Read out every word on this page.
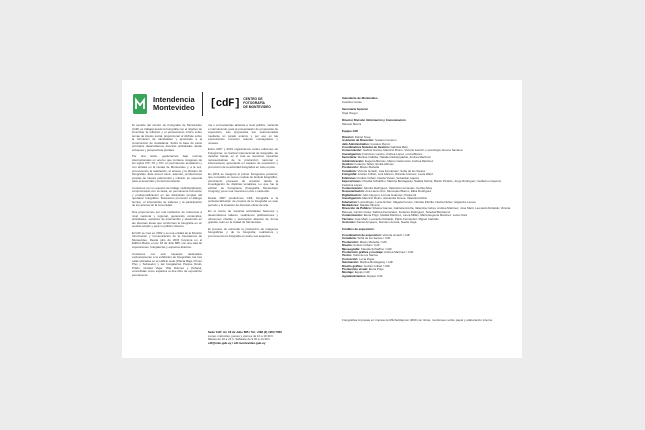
Intendencia
Montevideo [cdF] CENTRO DE
FOTOGRAFÍA
DE MONTEVIDEO

El sentido del Centro de Fotografía de Montevideo (CdF) es trabajar desde la fotografía con el objetivo de incentivar la reflexión y el pensamiento crítico sobre temas de interés social, proporcionar el disfrute sobre la formación de identidades y aportando a la construcción de ciudadanía. Sobre la base de estos principios desarrollamos diversas actividades desde enfoques y perspectivas plurales.

Por otra razón, gestionamos bajo normas internacionales un acervo que contiene imágenes de los siglos XIX, XX y XXI, en permanente ampliación y con énfasis en la ciudad de Montevideo y, a la vez, promovemos la realización, el acceso y la difusión de fotografías. Este acervo tiene, además, producciones propias de interés patrimonial y cultural, en especial para el desarrollo y la documentación.

Contamos con un espacio de trabajo multidisciplinario, comprometido con su tarea, en permanente formación y profesionalización en las disciplinas propias del quehacer fotográfico. Buscamos promover el diálogo técnico, el intercambio de saberes y la participación de los actores de la comunidad.

Nos proponemos ser una institución de referencia a nivel nacional y regional, generando contenidos, actividades, espacios de intercambio y desarrollo en las diversas áreas que conforman la fotografía en un sentido amplio y para un público diverso.

El CdF se creó en 2002 y es una unidad de la División Información y Comunicación de la Intendencia de Montevideo. Desde julio de 2015 funciona en el Edificio Bazar, en Av. 18 de Julio 885, con una sala de exposiciones, fotogalerías y espacios abiertos.

Contamos con seis espacios destinados exclusivamente a la exhibición de fotografías: las tres salas ubicadas en el edificio sede (Planta Baja, Primer Piso y Subsuelo) y las fotogalerías Parque Rodó, Prado, Ciudad Vieja, Villa Dolores y Peñarol, concebidas como espacios al aire libre de exposición permanente.

ma o convocatorias abiertas a nivel público, nacional e internacional, para la presentación de propuestas de exposición. Las propuestas son seleccionadas mediante un jurado externo y por eso en las exposiciones conviven autores consagrados y noveles.

Entre 2007 y 2019 organizamos cuatro ediciones de Fotograma, un festival internacional de fotografía, de carácter bienal, en el cual se reunieron muestras representativas de la producción nacional e internacional, generando un espacio de exposición y promoción de la actividad fotográfica en todo el país.

En 2016 se inauguró el primer Fotograma posterior, que consolidó un nuevo modelo de festival fotográfico, priorizando procesos de creación desde la investigación de distintas temáticas. Lo que fue la edición de Fotograma (Fotografía Montevideo Uruguay) ya es una muestra en dos o cada año.

Desde 2007 producimos CDF, fotografía a la profesionalización de propios de la fotografía en este período y la creación de diversas obras de arte.

En el marco de nuestras actividades hacemos y desarrollamos talleres, realizamos publicaciones y ofrecemos charlas y seminarios abiertos de forma gratuita, todo en la ciudad de Montevideo.

El proceso de estimular la producción de imágenes fotográficas y de la fotografía, realizamos y promovemos la fotografía en todos sus aspectos.

Sede CdF: Av. 18 de Julio 885 / Tel. +598 (2) 1950 7060
Lunes, miércoles, jueves y viernes de 10 a 19.30 h.
Martes de 10 a 21 h. Sábados de 9.30 a 14.30 h.
cdf@imm.gub.uy / cdf.montevideo.gub.uy
Intendente de Montevideo
Carolina Cosse
Secretaria General
Olga Otegui
Director División Información y Comunicación
Marcelo Benini
Equipo CdF

Director: Daniel Sosa

Asistente de Dirección: Susana Centeno

Jefe Administrativo: Gustavo Benzo

Coordinadora Sistema de Gestión: Gabriela Belo

Conservación: Gabriel García, Mauricio Bruno, Victoria Ivanich, Lucía Rojas Jimena Santana

Investigación: Francisco Landro, Andrea López, Lucía Blanco

Secretaría: Martina Callaba, Natalia Castaingdebat, Andrea Martínez

Administración: Eugenia Barreto, Mauro Castromán, Andrea Martínez

Gestión: Federico Telles, Emilia Alfonso

Producción: Mauro Martella

Curaduría: Victoria Ismach, Lisa Fernández, Sofía de los Santos

Fotografía: Andrés Cribari, Luis Alarcón, Ricardo Antúnez, Lucía Ward

Ediciones: Andrés Cribari, Noelia Viviani, Sebastián Aguirre

Exposiciones: Claudia Schiaffino, Martina Bordagaray, Natalia Sobral, Martín Picardo, Jorge Rodríguez, Guillermo Caporal, Federica Lópes

Comunicación: Sandra Rodríguez, Valentina Cervantes, Cecilia Silva

Documentación: Ana Laura Cirio, Mercedes Blanco, Elisa Rodríguez

Digitalización: Julio Irigoyen, Lorena Gutiérrez, Paula Gil

Investigación: Mauricio Bruno, Alexandra Novoa, Valentina Rubio

Educación: Lucía Rojas, Lucía Nuñez, Magela Ferrero, Nicolás Parrilla, Noelia Nuñez, Alejandro Lemos

Mediadores: Natalia Oliveira

Dirección de Público: Silvana Gamas, Gabriela Acuña, Valentina Cebey, Andrea Martínez, José Martí, Leonardo Robaldo, Victoria Banega, Camilo Costa, Sabrina Fernández, Federico Rodríguez, Soledad Bentancur

Comunicación: Elena Prigo, Natalia Martínez, Laura Millán, María Eugenia Martínez, Lucía Ciani

Técnica: José Marti, Leonardo Robaldo, Pablo Fernández, Miguel Carballo

Acciones: Daniel Ampuero, Romano Acosta, Noelia Vega

Créditos de exposición

Coordinación de exposición: Victoria Ismach / CdF

Curaduría: Sofía de los Santos / CdF

Producción: Mauro Martella / CdF

Diseño: Andrés Cribari / CdF

Museografía: Claudia Schiaffino / CdF

Producción gráfica y montaje: Andrea Martínez / CdF

Textos: Sofía de los Santos

Corrección: Lucía Rojas

Iluminación: Martina Bordagaray / CdF

Diseño gráfico: Andrés Cribari / CdF

Producción visual: Elena Prigo

Montaje: Equipo CdF

Agradecimientos: Equipo CdF

Fotografías impresas en impresora Mitchell-Epson 4600 con tintas, monitoreos sobre papel y elaboración interna.
